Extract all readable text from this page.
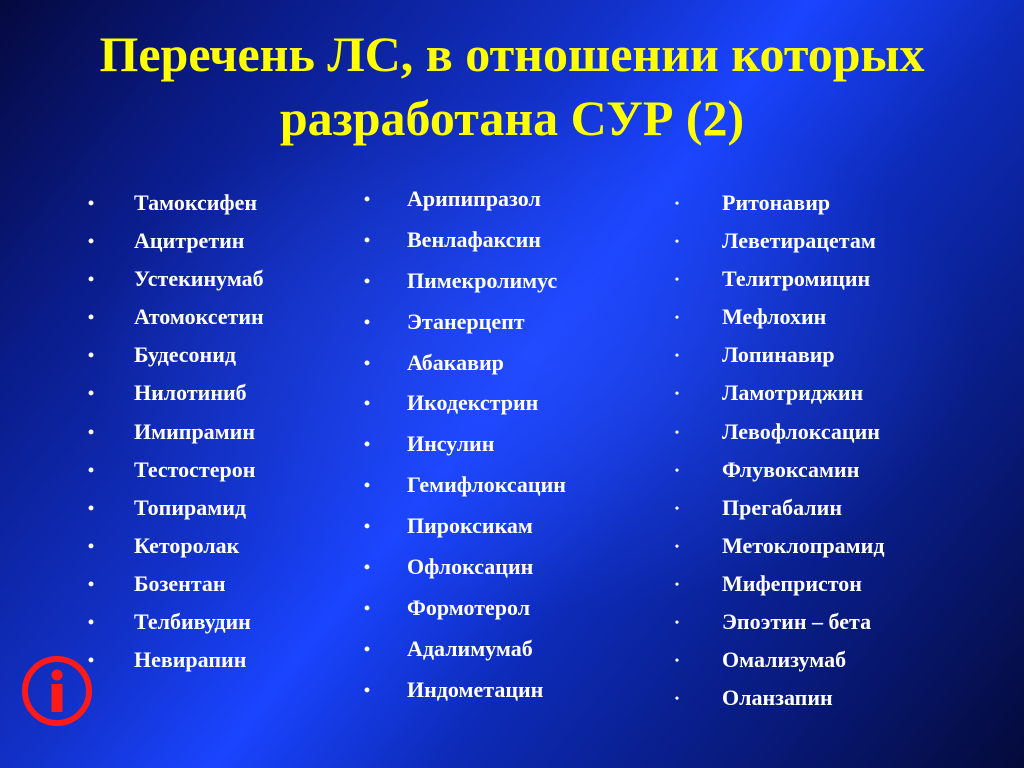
Перечень ЛС, в отношении которых
разработана СУР (2)
• Тамоксифен
• Ацитретин
• Устекинумаб
• Атомоксетин
• Будесонид
• Нилотиниб
• Имипрамин
• Тестостерон
• Топирамид
• Кеторолак
• Бозентан
• Телбивудин
• Невирапин
• Арипипразол
• Венлафаксин
• Пимекролимус
• Этанерцепт
• Абакавир
• Икодекстрин
• Инсулин
• Гемифлоксацин
• Пироксикам
• Офлоксацин
• Формотерол
• Адалимумаб
• Индометацин
• Ритонавир
• Леветирацетам
• Телитромицин
• Мефлохин
• Лопинавир
• Ламотриджин
• Левофлоксацин
• Флувоксамин
• Прегабалин
• Метоклопрамид
• Мифепристон
• Эпоэтин – бета
• Омализумаб
• Оланзапин
